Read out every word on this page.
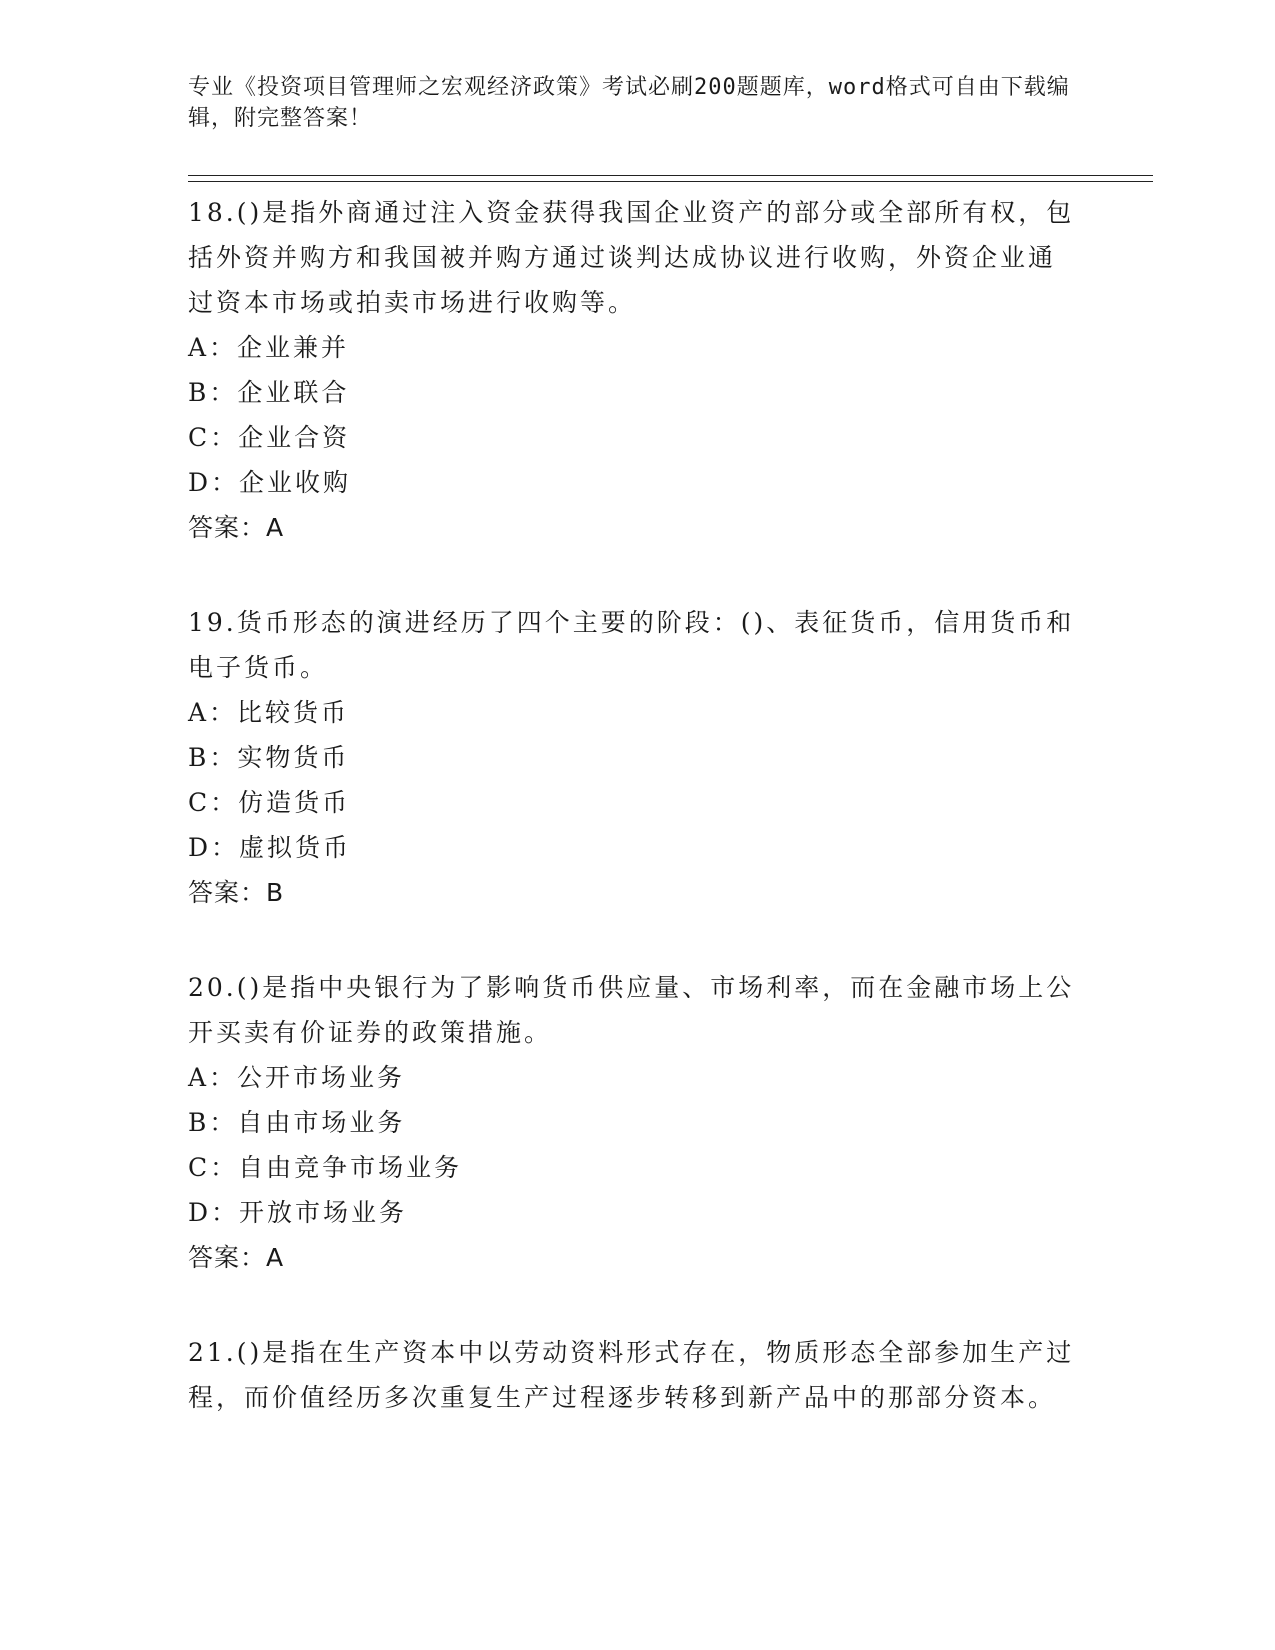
专业《投资项目管理师之宏观经济政策》考试必刷200题题库，word格式可自由下载编辑，附完整答案！

18.()是指外商通过注入资金获得我国企业资产的部分或全部所有权，包括外资并购方和我国被并购方通过谈判达成协议进行收购，外资企业通过资本市场或拍卖市场进行收购等。

A：企业兼并

B：企业联合

C：企业合资

D：企业收购

答案：A

19.货币形态的演进经历了四个主要的阶段：()、表征货币，信用货币和电子货币。

A：比较货币

B：实物货币

C：仿造货币

D：虚拟货币

答案：B

20.()是指中央银行为了影响货币供应量、市场利率，而在金融市场上公开买卖有价证券的政策措施。

A：公开市场业务

B：自由市场业务

C：自由竞争市场业务

D：开放市场业务

答案：A

21.()是指在生产资本中以劳动资料形式存在，物质形态全部参加生产过程，而价值经历多次重复生产过程逐步转移到新产品中的那部分资本。
